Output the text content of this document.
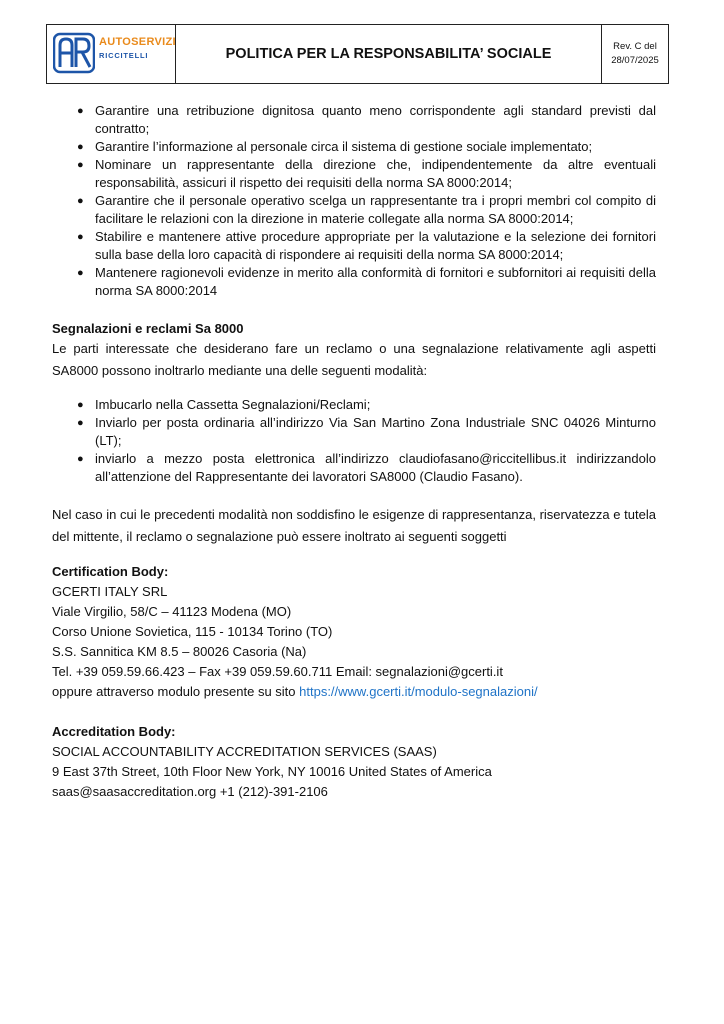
AUTOSERVIZI
RICCITELLI	POLITICA PER LA RESPONSABILITA’ SOCIALE	Rev. C del
28/07/2025
● Garantire una retribuzione dignitosa quanto meno corrispondente agli standard previsti dal contratto;
● Garantire l’informazione al personale circa il sistema di gestione sociale implementato;
● Nominare un rappresentante della direzione che, indipendentemente da altre eventuali responsabilità, assicuri il rispetto dei requisiti della norma SA 8000:2014;
● Garantire che il personale operativo scelga un rappresentante tra i propri membri col compito di facilitare le relazioni con la direzione in materie collegate alla norma SA 8000:2014;
● Stabilire e mantenere attive procedure appropriate per la valutazione e la selezione dei fornitori sulla base della loro capacità di rispondere ai requisiti della norma SA 8000:2014;
● Mantenere ragionevoli evidenze in merito alla conformità di fornitori e subfornitori ai requisiti della norma SA 8000:2014
Segnalazioni e reclami Sa 8000

Le parti interessate che desiderano fare un reclamo o una segnalazione relativamente agli aspetti SA8000 possono inoltrarlo mediante una delle seguenti modalità:

● Imbucarlo nella Cassetta Segnalazioni/Reclami;
● Inviarlo per posta ordinaria all’indirizzo Via San Martino Zona Industriale SNC 04026 Minturno (LT);
● inviarlo a mezzo posta elettronica all’indirizzo claudiofasano@riccitellibus.it indirizzandolo all’attenzione del Rappresentante dei lavoratori SA8000 (Claudio Fasano).

Nel caso in cui le precedenti modalità non soddisfino le esigenze di rappresentanza, riservatezza e tutela del mittente, il reclamo o segnalazione può essere inoltrato ai seguenti soggetti

Certification Body:
GCERTI ITALY SRL
Viale Virgilio, 58/C – 41123 Modena (MO)
Corso Unione Sovietica, 115 - 10134 Torino (TO)
S.S. Sannitica KM 8.5 – 80026 Casoria (Na)
Tel. +39 059.59.66.423 – Fax +39 059.59.60.711 Email: segnalazioni@gcerti.it
oppure attraverso modulo presente su sito https://www.gcerti.it/modulo-segnalazioni/
Accreditation Body:
SOCIAL ACCOUNTABILITY ACCREDITATION SERVICES (SAAS)
9 East 37th Street, 10th Floor New York, NY 10016 United States of America
saas@saasaccreditation.org +1 (212)-391-2106
